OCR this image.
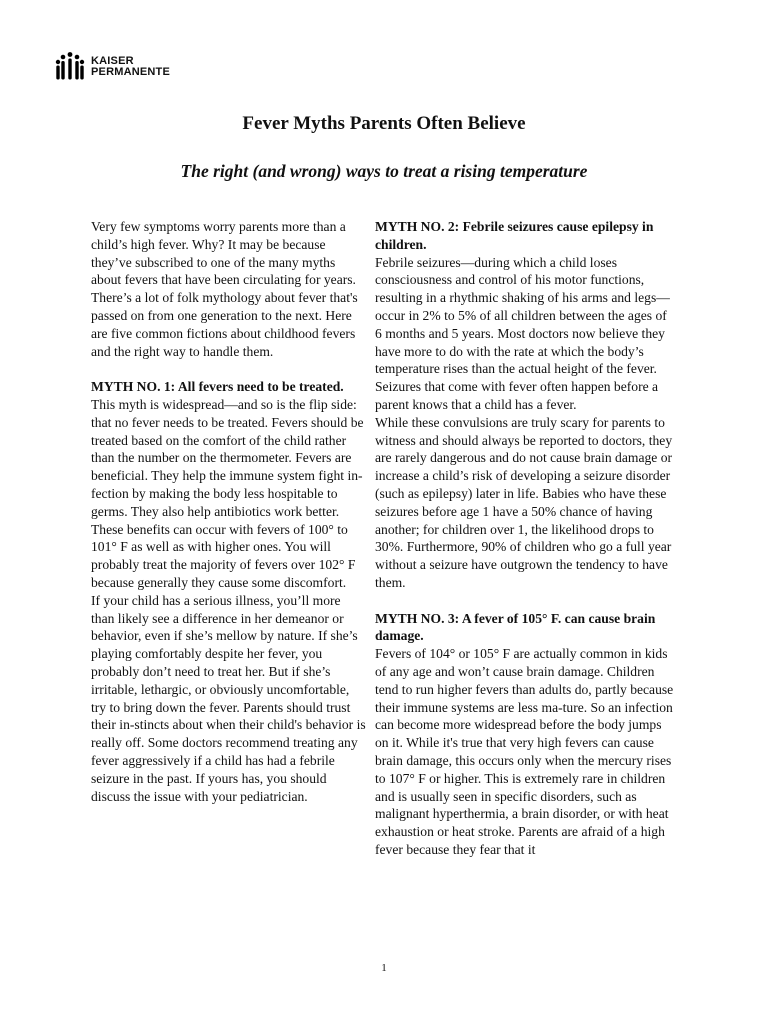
KAISER
PERMANENTE
Fever Myths Parents Often Believe
The right (and wrong) ways to treat a rising temperature

Very few symptoms worry parents more than a child’s high fever. Why? It may be because they’ve subscribed to one of the many myths about fevers that have been circulating for years. There’s a lot of folk mythology about fever that's passed on from one generation to the next. Here are five common fictions about childhood fevers and the right way to handle them.

MYTH NO. 1: All fevers need to be treated.

This myth is widespread—and so is the flip side: that no fever needs to be treated. Fevers should be treated based on the comfort of the child rather than the number on the thermometer. Fevers are beneficial. They help the immune system fight in-fection by making the body less hospitable to germs. They also help antibiotics work better. These benefits can occur with fevers of 100° to 101° F as well as with higher ones. You will probably treat the majority of fevers over 102° F because generally they cause some discomfort.

If your child has a serious illness, you’ll more than likely see a difference in her demeanor or behavior, even if she’s mellow by nature. If she’s playing comfortably despite her fever, you probably don’t need to treat her. But if she’s irritable, lethargic, or obviously uncomfortable, try to bring down the fever. Parents should trust their in-stincts about when their child's behavior is really off. Some doctors recommend treating any fever aggressively if a child has had a febrile seizure in the past. If yours has, you should discuss the issue with your pediatrician.

MYTH NO. 2: Febrile seizures cause epilepsy in children.

Febrile seizures—during which a child loses consciousness and control of his motor functions, resulting in a rhythmic shaking of his arms and legs—occur in 2% to 5% of all children between the ages of 6 months and 5 years. Most doctors now believe they have more to do with the rate at which the body’s temperature rises than the actual height of the fever. Seizures that come with fever often happen before a parent knows that a child has a fever.

While these convulsions are truly scary for parents to witness and should always be reported to doctors, they are rarely dangerous and do not cause brain damage or increase a child’s risk of developing a seizure disorder (such as epilepsy) later in life. Babies who have these seizures before age 1 have a 50% chance of having another; for children over 1, the likelihood drops to 30%. Furthermore, 90% of children who go a full year without a seizure have outgrown the tendency to have them.

MYTH NO. 3: A fever of 105° F. can cause brain damage.

Fevers of 104° or 105° F are actually common in kids of any age and won’t cause brain damage. Children tend to run higher fevers than adults do, partly because their immune systems are less ma-ture. So an infection can become more widespread before the body jumps on it. While it's true that very high fevers can cause brain damage, this occurs only when the mercury rises to 107° F or higher. This is extremely rare in children and is usually seen in specific disorders, such as malignant hyperthermia, a brain disorder, or with heat exhaustion or heat stroke. Parents are afraid of a high fever because they fear that it

1
